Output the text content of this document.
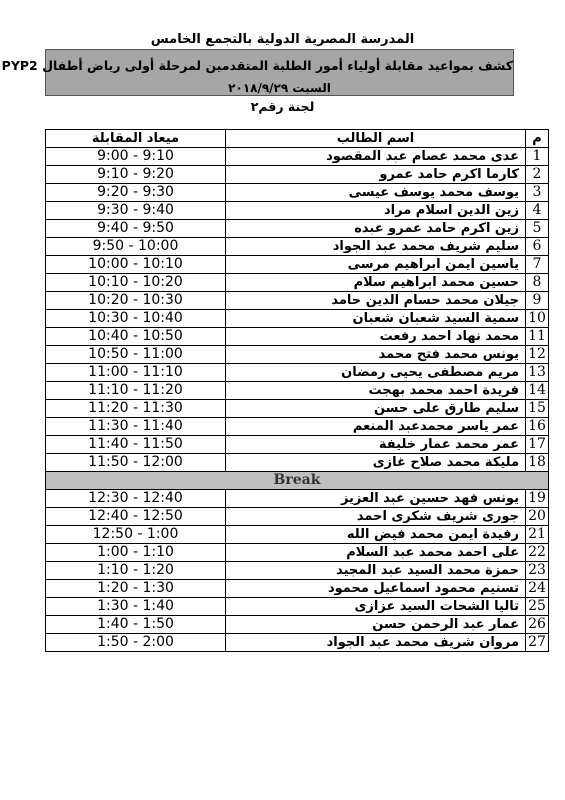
المدرسة المصرية الدولية بالتجمع الخامس
كشف بمواعيد مقابلة أولياء أمور الطلبة المتقدمين لمرحلة أولى رياض أطفال PYP2
السبت ٢٠١٨/٩/٢٩
لجنة رقم٢
ميعاد المقابلة	اسم الطالب	م
9:00 - 9:10	عدى محمد عصام عبد المقصود	1
9:10 - 9:20	كارما اكرم حامد عمرو	2
9:20 - 9:30	يوسف محمد يوسف عيسى	3
9:30 - 9:40	زين الدين اسلام مراد	4
9:40 - 9:50	زين اكرم حامد عمرو عبده	5
9:50 - 10:00	سليم شريف محمد عبد الجواد	6
10:00 - 10:10	ياسين ايمن ابراهيم مرسى	7
10:10 - 10:20	حسين محمد ابراهيم سلام	8
10:20 - 10:30	جيلان محمد حسام الدين حامد	9
10:30 - 10:40	سمية السيد شعبان شعبان	10
10:40 - 10:50	محمد نهاد احمد رفعت	11
10:50 - 11:00	يونس محمد فتح محمد	12
11:00 - 11:10	مريم مصطفى يحيى رمضان	13
11:10 - 11:20	فريدة احمد محمد بهجت	14
11:20 - 11:30	سليم طارق على حسن	15
11:30 - 11:40	عمر ياسر محمدعبد المنعم	16
11:40 - 11:50	عمر محمد عمار خليفة	17
11:50 - 12:00	مليكة محمد صلاح غازى	18
Break		
12:30 - 12:40	يونس فهد حسين عبد العزيز	19
12:40 - 12:50	جورى شريف شكرى احمد	20
12:50 - 1:00	رفيدة ايمن محمد فيض الله	21
1:00 - 1:10	على احمد محمد عبد السلام	22
1:10 - 1:20	حمزة محمد السيد عبد المجيد	23
1:20 - 1:30	تسنيم محمود اسماعيل محمود	24
1:30 - 1:40	تاليا الشحات السيد عزازى	25
1:40 - 1:50	عمار عبد الرحمن حسن	26
1:50 - 2:00	مروان شريف محمد عبد الجواد	27
